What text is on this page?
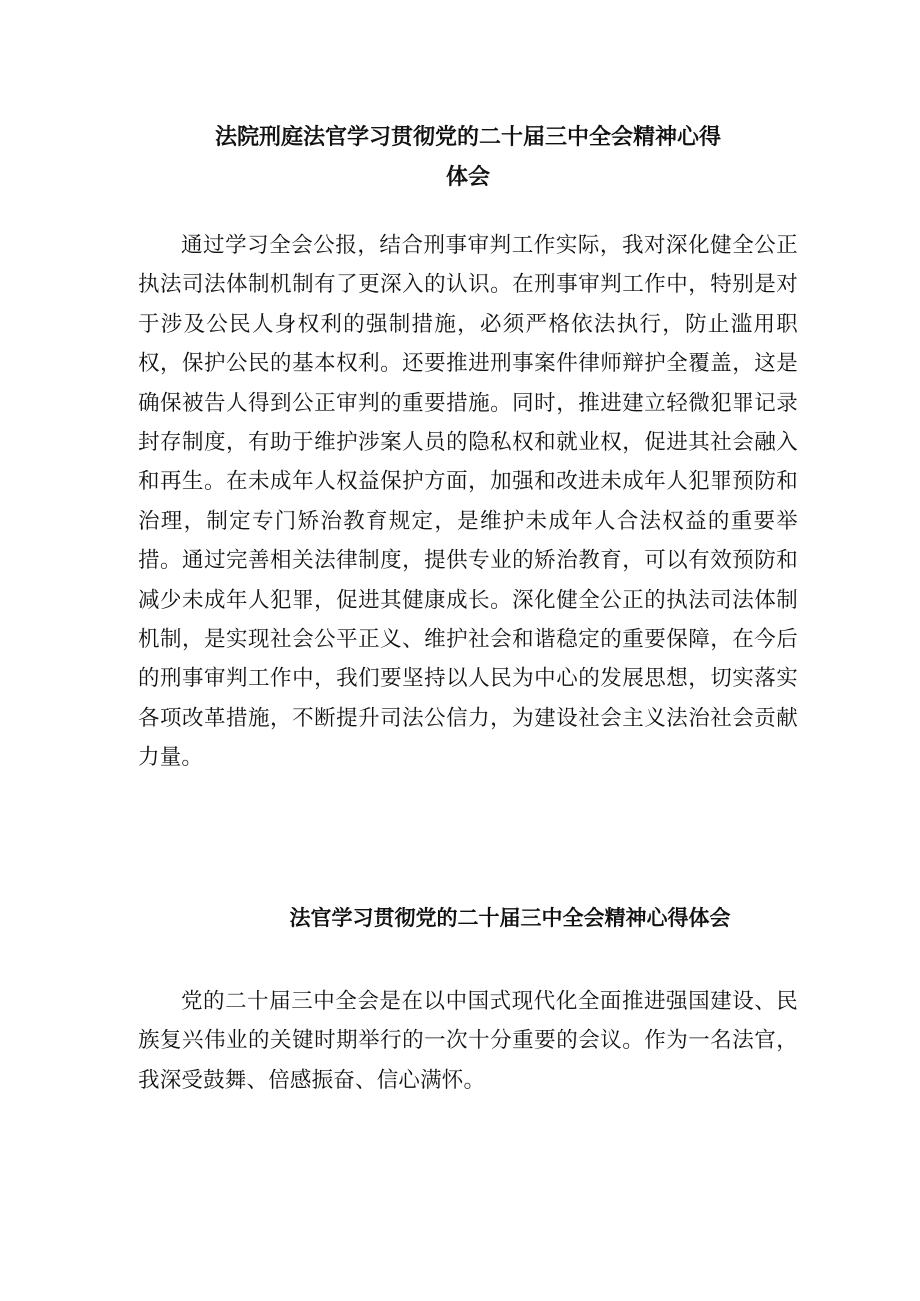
法院刑庭法官学习贯彻党的二十届三中全会精神心得
体会

通过学习全会公报，结合刑事审判工作实际，我对深化健全公正执法司法体制机制有了更深入的认识。在刑事审判工作中，特别是对于涉及公民人身权利的强制措施，必须严格依法执行，防止滥用职权，保护公民的基本权利。还要推进刑事案件律师辩护全覆盖，这是确保被告人得到公正审判的重要措施。同时，推进建立轻微犯罪记录封存制度，有助于维护涉案人员的隐私权和就业权，促进其社会融入和再生。在未成年人权益保护方面，加强和改进未成年人犯罪预防和治理，制定专门矫治教育规定，是维护未成年人合法权益的重要举措。通过完善相关法律制度，提供专业的矫治教育，可以有效预防和减少未成年人犯罪，促进其健康成长。深化健全公正的执法司法体制机制，是实现社会公平正义、维护社会和谐稳定的重要保障，在今后的刑事审判工作中，我们要坚持以人民为中心的发展思想，切实落实各项改革措施，不断提升司法公信力，为建设社会主义法治社会贡献力量。

法官学习贯彻党的二十届三中全会精神心得体会

党的二十届三中全会是在以中国式现代化全面推进强国建设、民族复兴伟业的关键时期举行的一次十分重要的会议。作为一名法官，我深受鼓舞、倍感振奋、信心满怀。
